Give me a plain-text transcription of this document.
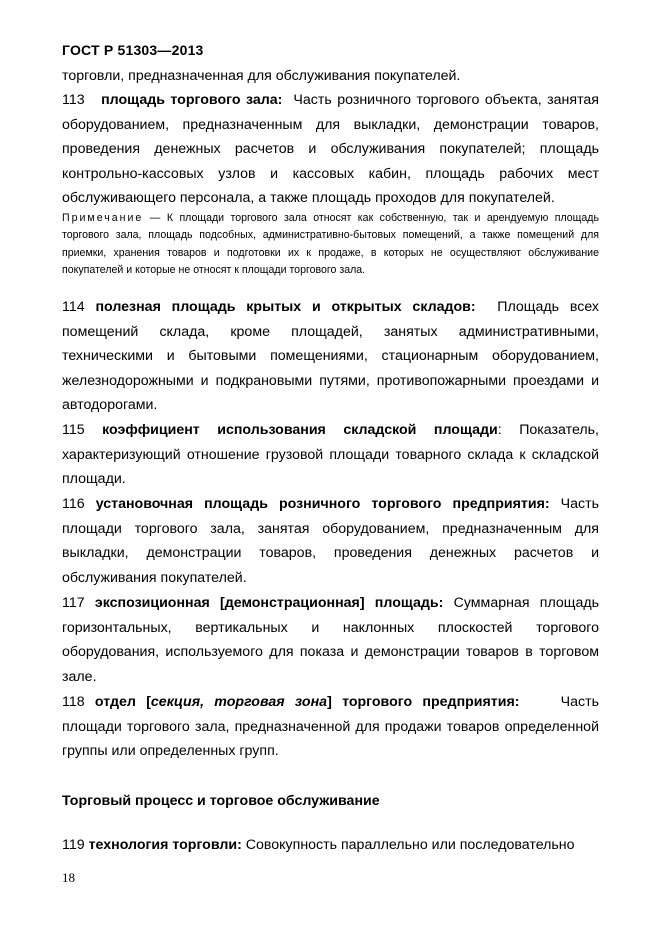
ГОСТ Р 51303—2013

торговли, предназначенная для обслуживания покупателей.

113 площадь торгового зала: Часть розничного торгового объекта, занятая оборудованием, предназначенным для выкладки, демонстрации товаров, проведения денежных расчетов и обслуживания покупателей; площадь контрольно-кассовых узлов и кассовых кабин, площадь рабочих мест обслуживающего персонала, а также площадь проходов для покупателей.

Примечание — К площади торгового зала относят как собственную, так и арендуемую площадь торгового зала, площадь подсобных, административно-бытовых помещений, а также помещений для приемки, хранения товаров и подготовки их к продаже, в которых не осуществляют обслуживание покупателей и которые не относят к площади торгового зала.

114 полезная площадь крытых и открытых складов: Площадь всех помещений склада, кроме площадей, занятых административными, техническими и бытовыми помещениями, стационарным оборудованием, железнодорожными и подкрановыми путями, противопожарными проездами и автодорогами.

115 коэффициент использования складской площади: Показатель, характеризующий отношение грузовой площади товарного склада к складской площади.

116 установочная площадь розничного торгового предприятия: Часть площади торгового зала, занятая оборудованием, предназначенным для выкладки, демонстрации товаров, проведения денежных расчетов и обслуживания покупателей.

117 экспозиционная [демонстрационная] площадь: Суммарная площадь горизонтальных, вертикальных и наклонных плоскостей торгового оборудования, используемого для показа и демонстрации товаров в торговом зале.

118 отдел [секция, торговая зона] торгового предприятия:	Часть площади торгового зала, предназначенной для продажи товаров определенной группы или определенных групп.

Торговый процесс и торговое обслуживание

119 технология торговли: Совокупность параллельно или последовательно

18
